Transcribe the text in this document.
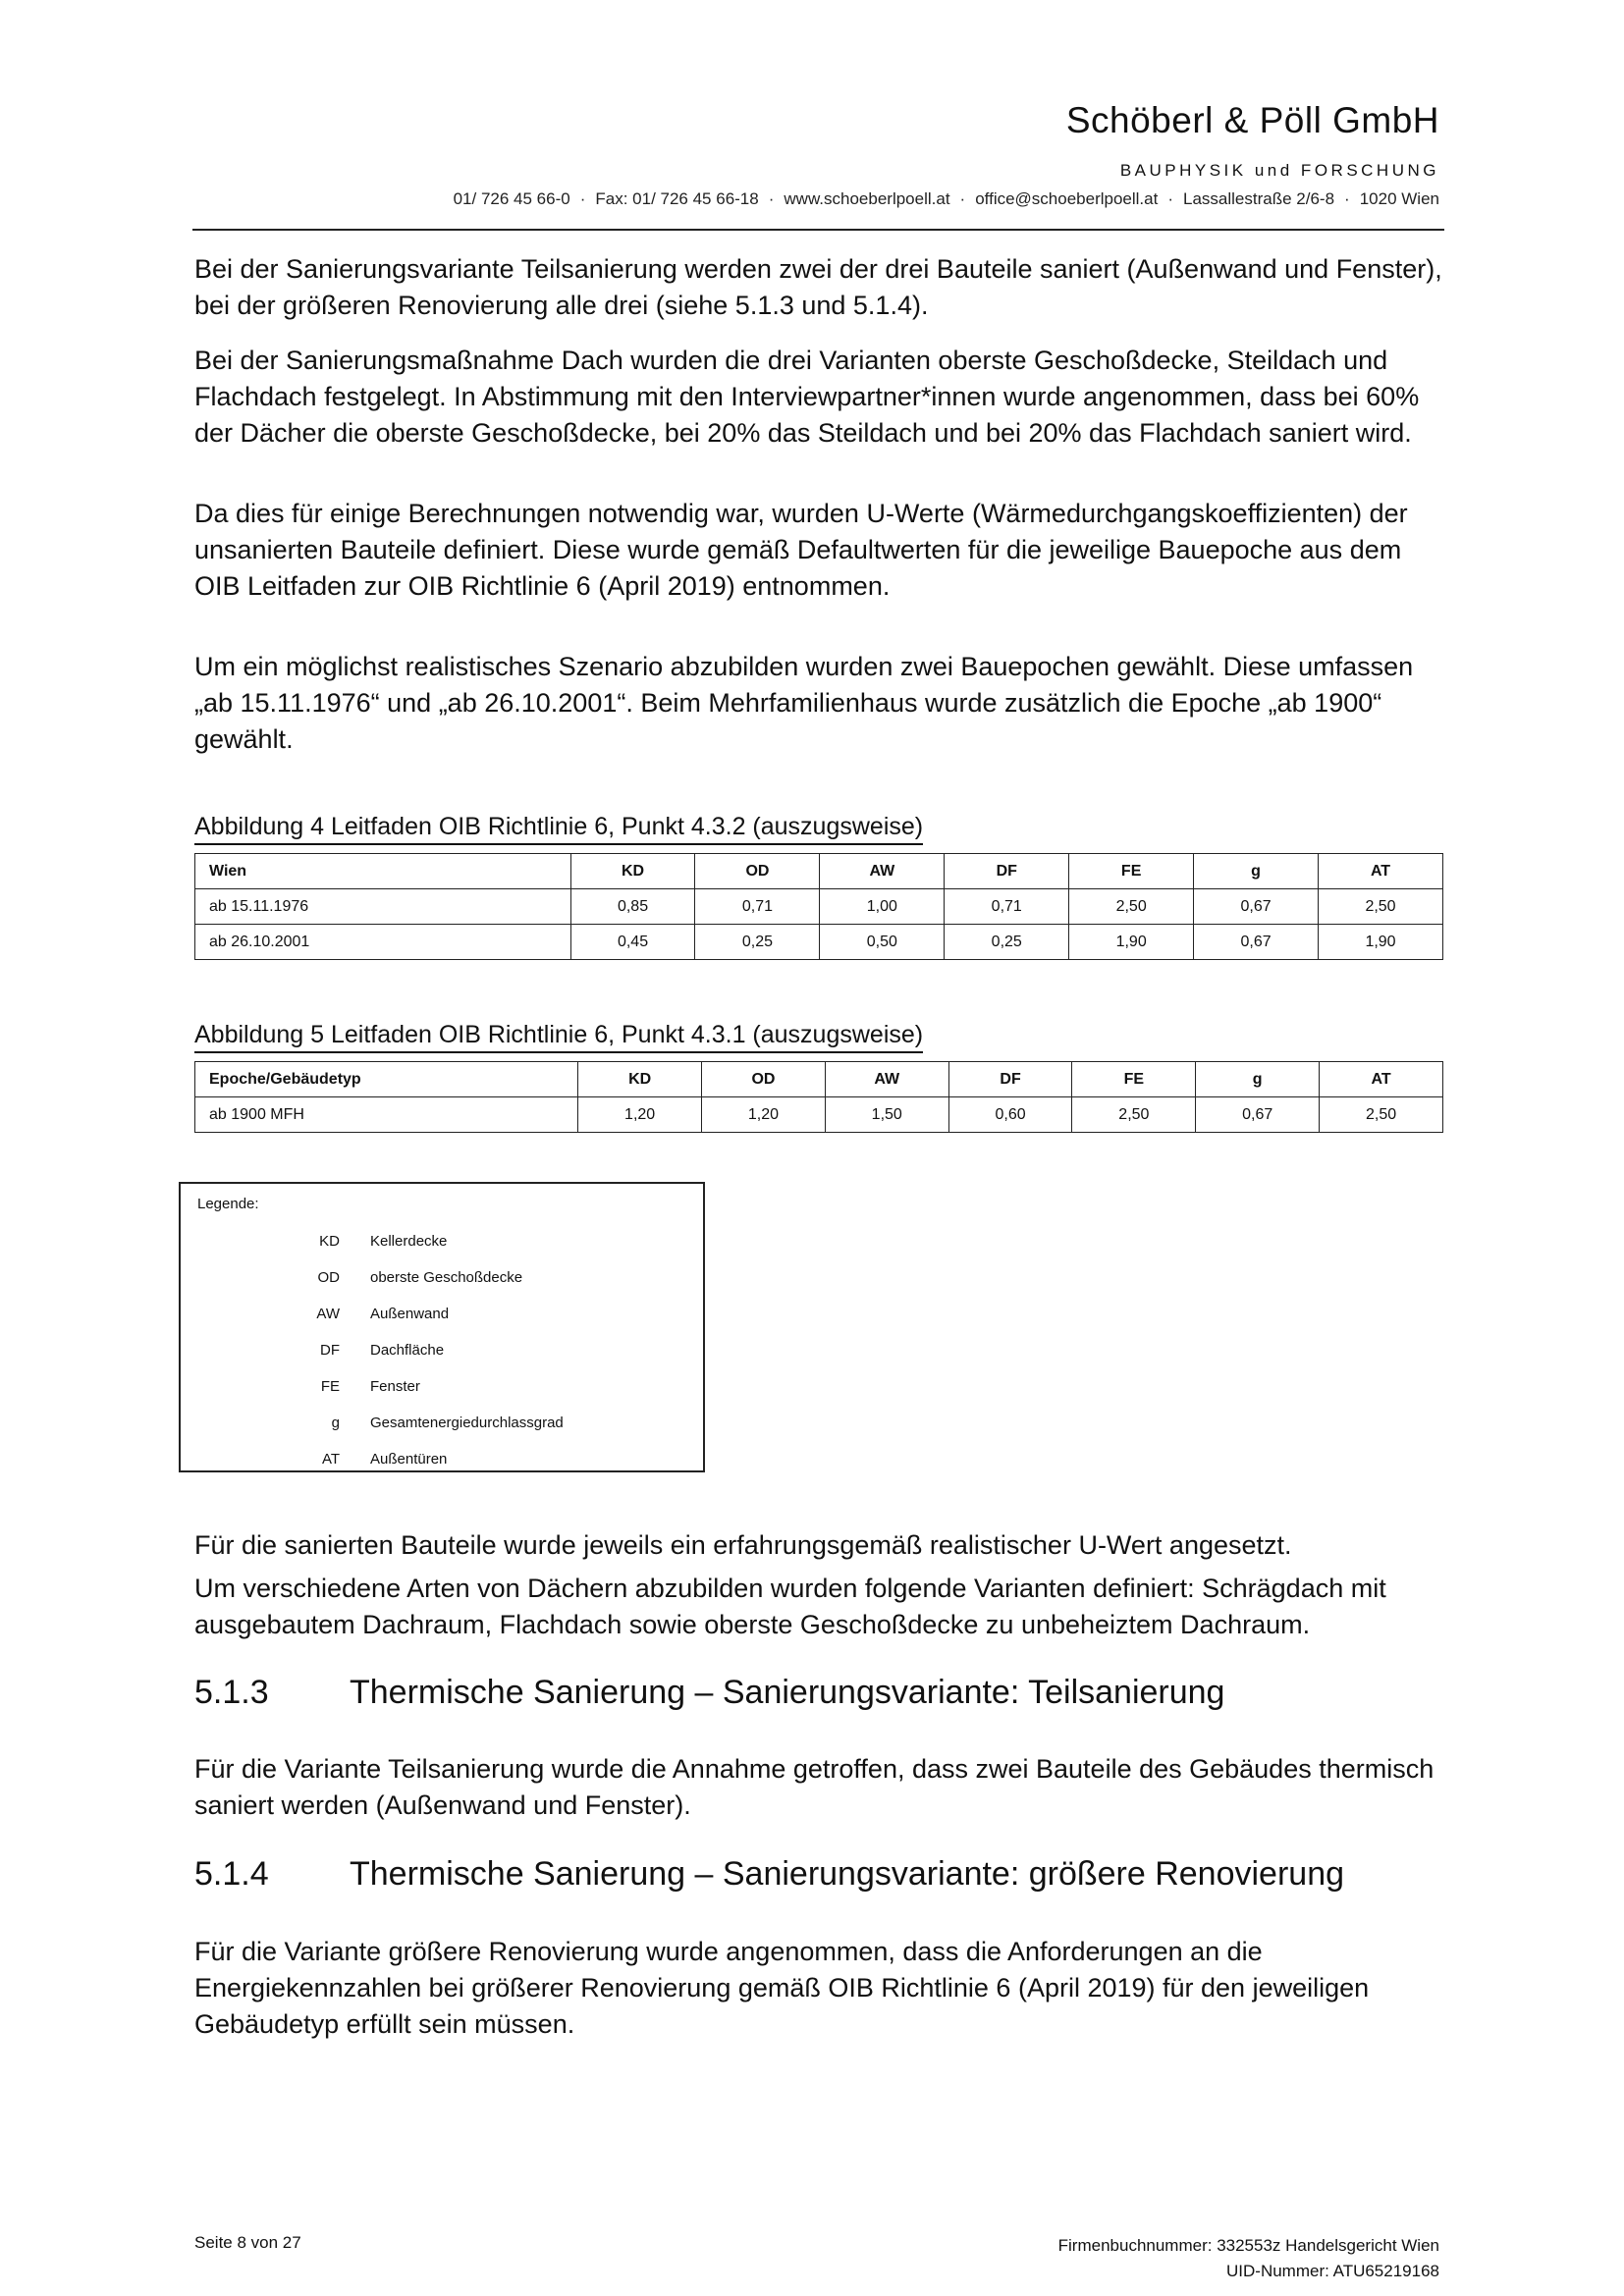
Schöberl & Pöll GmbH
BAUPHYSIK und FORSCHUNG
01/ 726 45 66-0 · Fax: 01/ 726 45 66-18 · www.schoeberlpoell.at · office@schoeberlpoell.at · Lassallestraße 2/6-8 · 1020 Wien
Bei der Sanierungsvariante Teilsanierung werden zwei der drei Bauteile saniert (Außenwand und Fenster), bei der größeren Renovierung alle drei (siehe 5.1.3 und 5.1.4).
Bei der Sanierungsmaßnahme Dach wurden die drei Varianten oberste Geschoßdecke, Steildach und Flachdach festgelegt. In Abstimmung mit den Interviewpartner*innen wurde angenommen, dass bei 60% der Dächer die oberste Geschoßdecke, bei 20% das Steildach und bei 20% das Flachdach saniert wird.
Da dies für einige Berechnungen notwendig war, wurden U-Werte (Wärmedurchgangskoeffizienten) der unsanierten Bauteile definiert. Diese wurde gemäß Defaultwerten für die jeweilige Bauepoche aus dem OIB Leitfaden zur OIB Richtlinie 6 (April 2019) entnommen.
Um ein möglichst realistisches Szenario abzubilden wurden zwei Bauepochen gewählt. Diese umfassen „ab 15.11.1976“ und „ab 26.10.2001“. Beim Mehrfamilienhaus wurde zusätzlich die Epoche „ab 1900“ gewählt.
Abbildung 4 Leitfaden OIB Richtlinie 6, Punkt 4.3.2 (auszugsweise)
Wien	KD	OD	AW	DF	FE	g	AT
ab 15.11.1976	0,85	0,71	1,00	0,71	2,50	0,67	2,50
ab 26.10.2001	0,45	0,25	0,50	0,25	1,90	0,67	1,90
Abbildung 5 Leitfaden OIB Richtlinie 6, Punkt 4.3.1 (auszugsweise)
Epoche/Gebäudetyp	KD	OD	AW	DF	FE	g	AT
ab 1900 MFH	1,20	1,20	1,50	0,60	2,50	0,67	2,50
Legende:
KD Kellerdecke
OD oberste Geschoßdecke
AW Außenwand
DF Dachfläche
FE Fenster
g Gesamtenergiedurchlassgrad
AT Außentüren
Für die sanierten Bauteile wurde jeweils ein erfahrungsgemäß realistischer U-Wert angesetzt.
Um verschiedene Arten von Dächern abzubilden wurden folgende Varianten definiert: Schrägdach mit ausgebautem Dachraum, Flachdach sowie oberste Geschoßdecke zu unbeheiztem Dachraum.
5.1.3 Thermische Sanierung – Sanierungsvariante: Teilsanierung
Für die Variante Teilsanierung wurde die Annahme getroffen, dass zwei Bauteile des Gebäudes thermisch saniert werden (Außenwand und Fenster).
5.1.4 Thermische Sanierung – Sanierungsvariante: größere Renovierung
Für die Variante größere Renovierung wurde angenommen, dass die Anforderungen an die Energiekennzahlen bei größerer Renovierung gemäß OIB Richtlinie 6 (April 2019) für den jeweiligen Gebäudetyp erfüllt sein müssen.
Seite 8 von 27	Firmenbuchnummer: 332553z Handelsgericht Wien
UID-Nummer: ATU65219168
